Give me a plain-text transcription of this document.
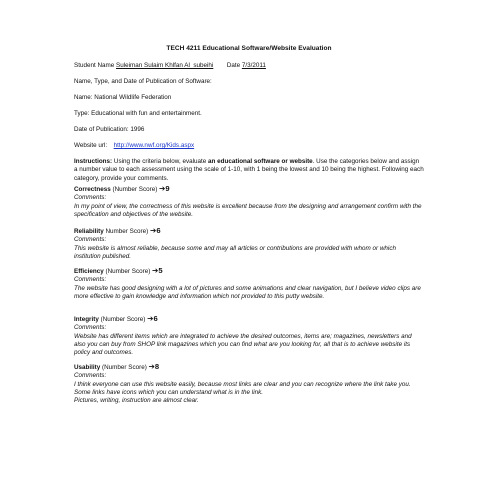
TECH 4211 Educational Software/Website Evaluation
Student Name Suleiman Sulaim Khlfan Al_subeihi Date 7/3/2011
Name, Type, and Date of Publication of Software:
Name: National Wildlife Federation
Type: Educational with fun and entertainment.
Date of Publication: 1996
Website url: http://www.nwf.org/Kids.aspx
Instructions: Using the criteria below, evaluate an educational software or website. Use the categories below and assign a number value to each assessment using the scale of 1-10, with 1 being the lowest and 10 being the highest. Following each category, provide your comments.
Correctness (Number Score) ➔9
Comments:
In my point of view, the correctness of this website is excellent because from the designing and arrangement confirm with the specification and objectives of the website.
Reliability Number Score) ➔6
Comments:
This website is almost reliable, because some and may all articles or contributions are provided with whom or which institution published.
Efficiency (Number Score) ➔5
Comments:
The website has good designing with a lot of pictures and some animations and clear navigation, but I believe video clips are more effective to gain knowledge and information which not provided to this putty website.
Integrity (Number Score) ➔6
Comments:
Website has different items which are integrated to achieve the desired outcomes, items are; magazines, newsletters and also you can buy from SHOP link magazines which you can find what are you looking for, all that is to achieve website its policy and outcomes.
Usability (Number Score) ➔8
Comments:
I think everyone can use this website easily, because most links are clear and you can recognize where the link take you. Some links have icons which you can understand what is in the link.
Pictures, writing, instruction are almost clear.
